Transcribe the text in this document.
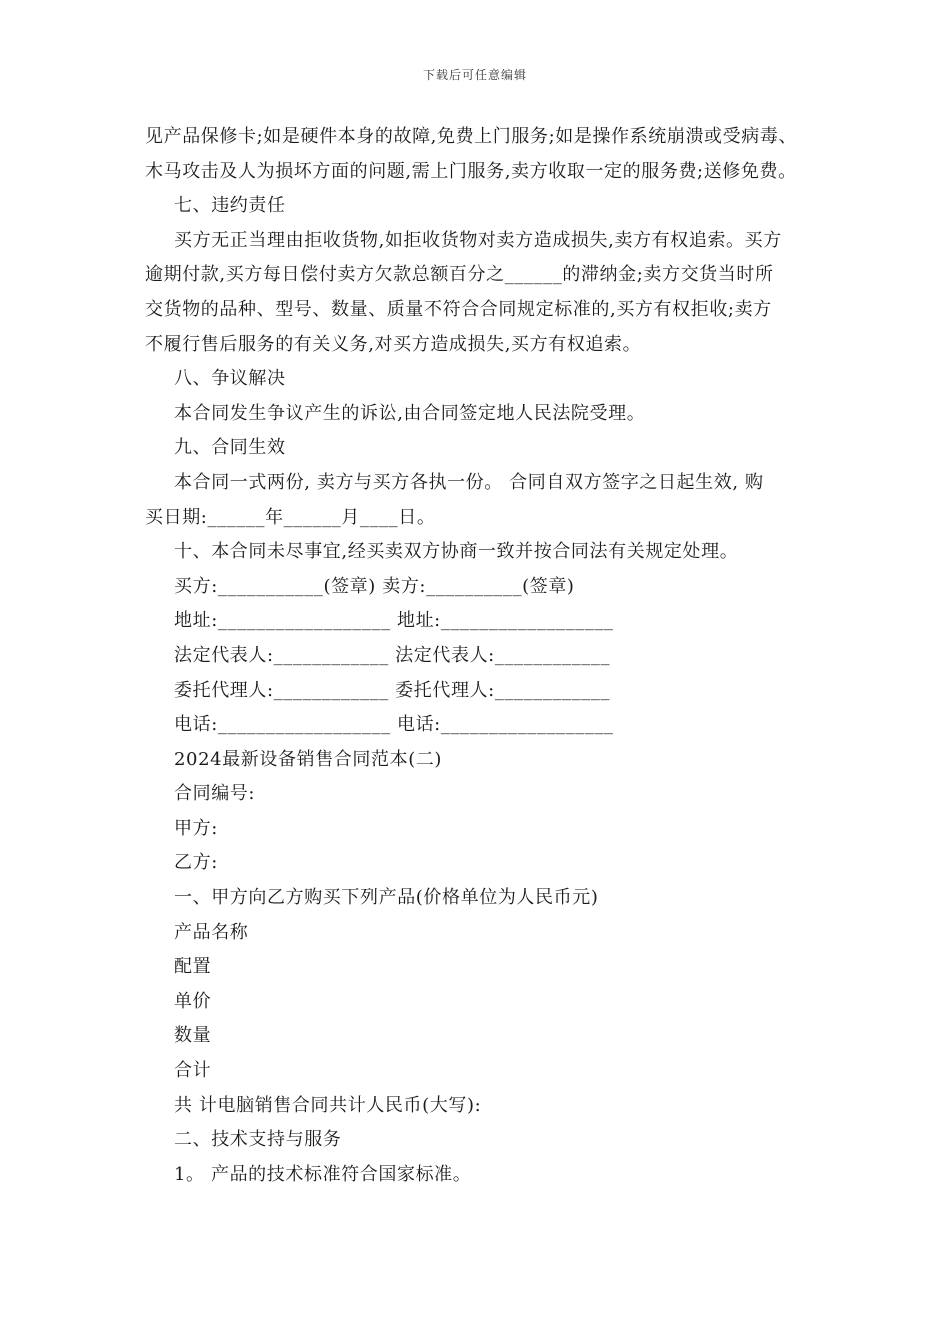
下载后可任意编辑

见产品保修卡;如是硬件本身的故障,免费上门服务;如是操作系统崩溃或受病毒、

木马攻击及人为损坏方面的问题,需上门服务,卖方收取一定的服务费;送修免费。

七、违约责任

买方无正当理由拒收货物,如拒收货物对卖方造成损失,卖方有权追索。买方

逾期付款,买方每日偿付卖方欠款总额百分之______的滞纳金;卖方交货当时所

交货物的品种、型号、数量、质量不符合合同规定标准的,买方有权拒收;卖方

不履行售后服务的有关义务,对买方造成损失,买方有权追索。

八、争议解决

本合同发生争议产生的诉讼,由合同签定地人民法院受理。

九、合同生效

本合同一式两份, 卖方与买方各执一份。 合同自双方签字之日起生效, 购

买日期:______年______月____日。

十、本合同未尽事宜,经买卖双方协商一致并按合同法有关规定处理。

买方:___________(签章) 卖方:__________(签章)

地址:__________________ 地址:__________________

法定代表人:____________ 法定代表人:____________

委托代理人:____________ 委托代理人:____________

电话:__________________ 电话:__________________

2024最新设备销售合同范本(二)

合同编号:

甲方:

乙方:

一、甲方向乙方购买下列产品(价格单位为人民币元)

产品名称

配置

单价

数量

合计

共 计电脑销售合同共计人民币(大写):

二、技术支持与服务

1。 产品的技术标准符合国家标准。
